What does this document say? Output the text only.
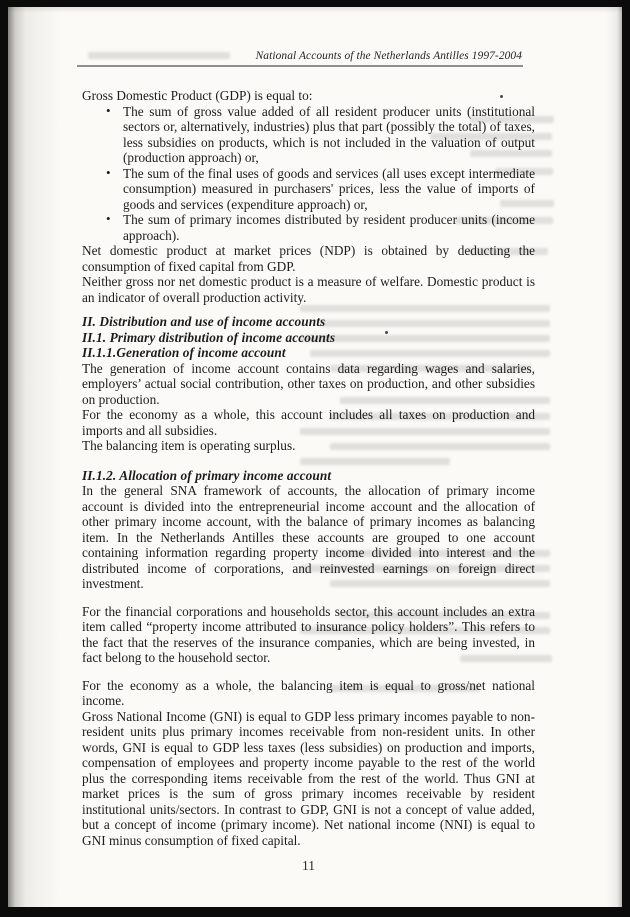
National Accounts of the Netherlands Antilles 1997-2004

Gross Domestic Product (GDP) is equal to:

• The sum of gross value added of all resident producer units (institutional sectors or, alternatively, industries) plus that part (possibly the total) of taxes, less subsidies on products, which is not included in the valuation of output (production approach) or,
• The sum of the final uses of goods and services (all uses except intermediate consumption) measured in purchasers' prices, less the value of imports of goods and services (expenditure approach) or,
• The sum of primary incomes distributed by resident producer units (income approach).

Net domestic product at market prices (NDP) is obtained by deducting the consumption of fixed capital from GDP.

Neither gross nor net domestic product is a measure of welfare. Domestic product is an indicator of overall production activity.

II. Distribution and use of income accounts

II.1. Primary distribution of income accounts

II.1.1.Generation of income account

The generation of income account contains data regarding wages and salaries, employers’ actual social contribution, other taxes on production, and other subsidies on production.

For the economy as a whole, this account includes all taxes on production and imports and all subsidies.

The balancing item is operating surplus.

II.1.2. Allocation of primary income account

In the general SNA framework of accounts, the allocation of primary income account is divided into the entrepreneurial income account and the allocation of other primary income account, with the balance of primary incomes as balancing item. In the Netherlands Antilles these accounts are grouped to one account containing information regarding property income divided into interest and the distributed income of corporations, and reinvested earnings on foreign direct investment.

For the financial corporations and households sector, this account includes an extra item called “property income attributed to insurance policy holders”. This refers to the fact that the reserves of the insurance companies, which are being invested, in fact belong to the household sector.

For the economy as a whole, the balancing item is equal to gross/net national income.

Gross National Income (GNI) is equal to GDP less primary incomes payable to non-resident units plus primary incomes receivable from non-resident units. In other words, GNI is equal to GDP less taxes (less subsidies) on production and imports, compensation of employees and property income payable to the rest of the world plus the corresponding items receivable from the rest of the world. Thus GNI at market prices is the sum of gross primary incomes receivable by resident institutional units/sectors. In contrast to GDP, GNI is not a concept of value added, but a concept of income (primary income). Net national income (NNI) is equal to GNI minus consumption of fixed capital.

11
